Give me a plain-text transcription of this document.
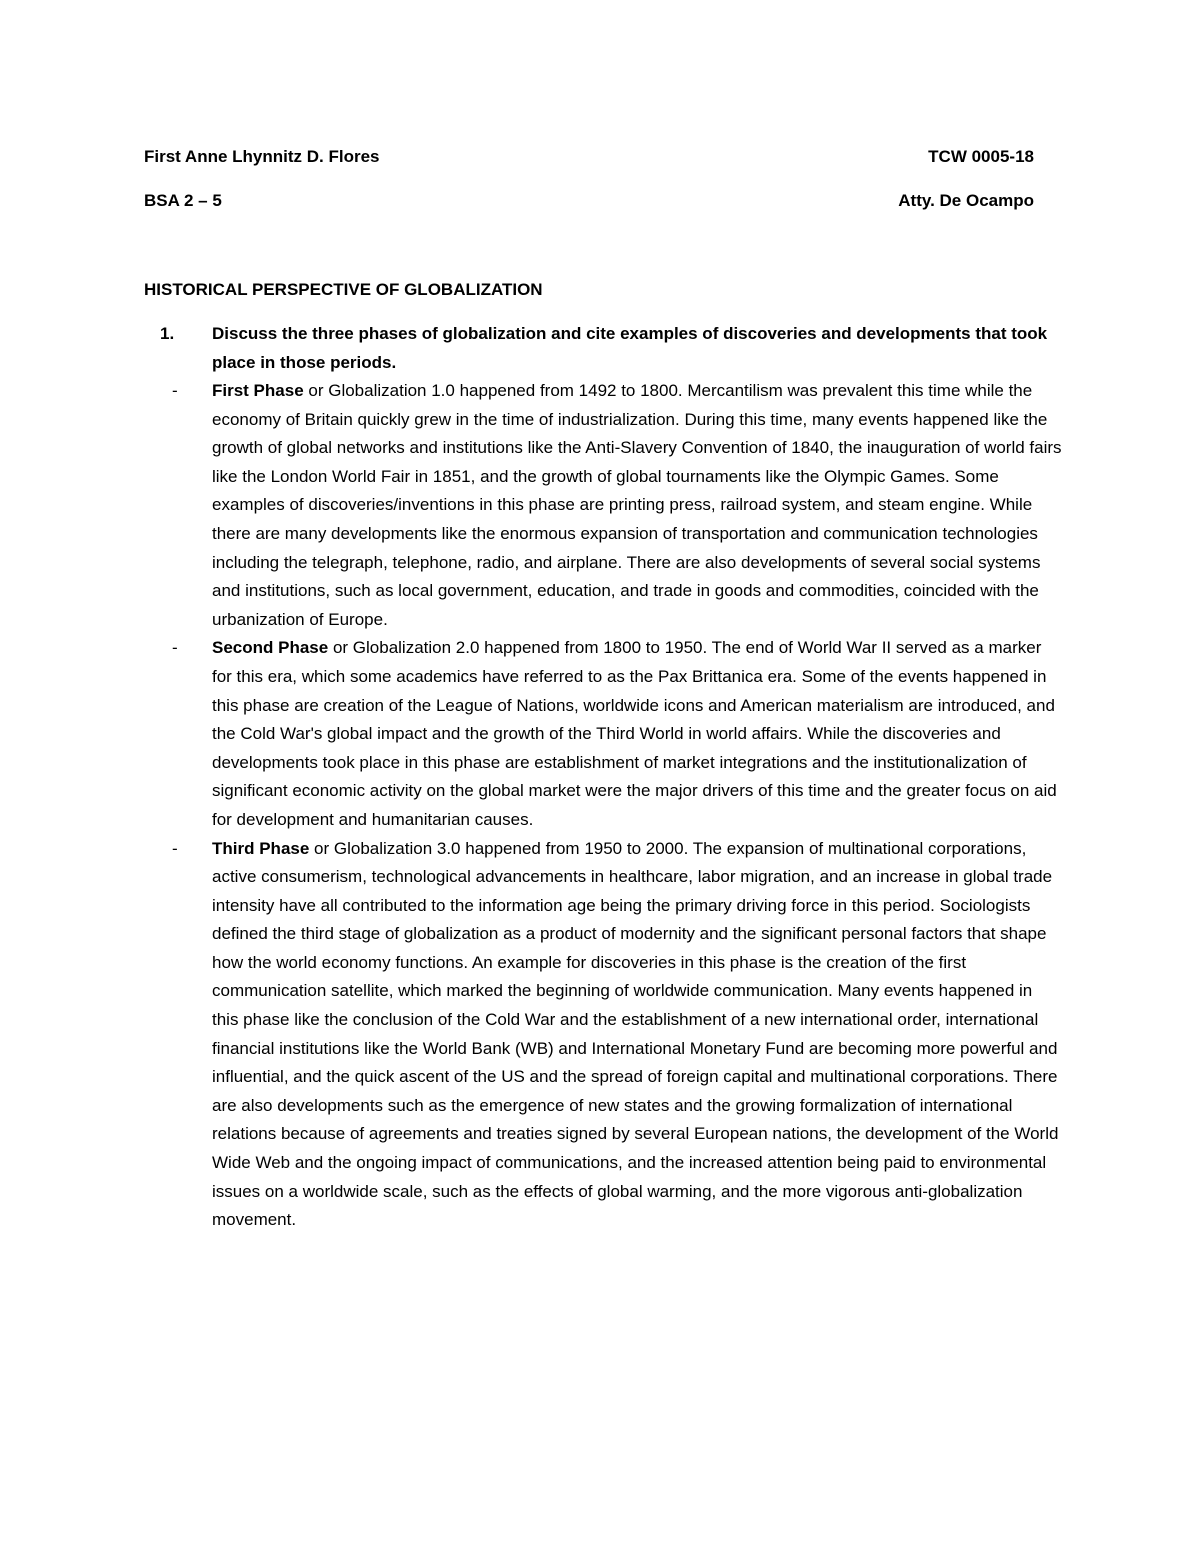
First Anne Lhynnitz D. Flores	TCW 0005-18
BSA 2 – 5	Atty. De Ocampo
HISTORICAL PERSPECTIVE OF GLOBALIZATION
1.	Discuss the three phases of globalization and cite examples of discoveries and developments that took place in those periods.
-	First Phase or Globalization 1.0 happened from 1492 to 1800. Mercantilism was prevalent this time while the economy of Britain quickly grew in the time of industrialization. During this time, many events happened like the growth of global networks and institutions like the Anti-Slavery Convention of 1840, the inauguration of world fairs like the London World Fair in 1851, and the growth of global tournaments like the Olympic Games. Some examples of discoveries/inventions in this phase are printing press, railroad system, and steam engine. While there are many developments like the enormous expansion of transportation and communication technologies including the telegraph, telephone, radio, and airplane. There are also developments of several social systems and institutions, such as local government, education, and trade in goods and commodities, coincided with the urbanization of Europe.
-	Second Phase or Globalization 2.0 happened from 1800 to 1950. The end of World War II served as a marker for this era, which some academics have referred to as the Pax Brittanica era. Some of the events happened in this phase are creation of the League of Nations, worldwide icons and American materialism are introduced, and the Cold War's global impact and the growth of the Third World in world affairs. While the discoveries and developments took place in this phase are establishment of market integrations and the institutionalization of significant economic activity on the global market were the major drivers of this time and the greater focus on aid for development and humanitarian causes.
-	Third Phase or Globalization 3.0 happened from 1950 to 2000. The expansion of multinational corporations, active consumerism, technological advancements in healthcare, labor migration, and an increase in global trade intensity have all contributed to the information age being the primary driving force in this period. Sociologists defined the third stage of globalization as a product of modernity and the significant personal factors that shape how the world economy functions. An example for discoveries in this phase is the creation of the first communication satellite, which marked the beginning of worldwide communication. Many events happened in this phase like the conclusion of the Cold War and the establishment of a new international order, international financial institutions like the World Bank (WB) and International Monetary Fund are becoming more powerful and influential, and the quick ascent of the US and the spread of foreign capital and multinational corporations. There are also developments such as the emergence of new states and the growing formalization of international relations because of agreements and treaties signed by several European nations, the development of the World Wide Web and the ongoing impact of communications, and the increased attention being paid to environmental issues on a worldwide scale, such as the effects of global warming, and the more vigorous anti-globalization movement.
